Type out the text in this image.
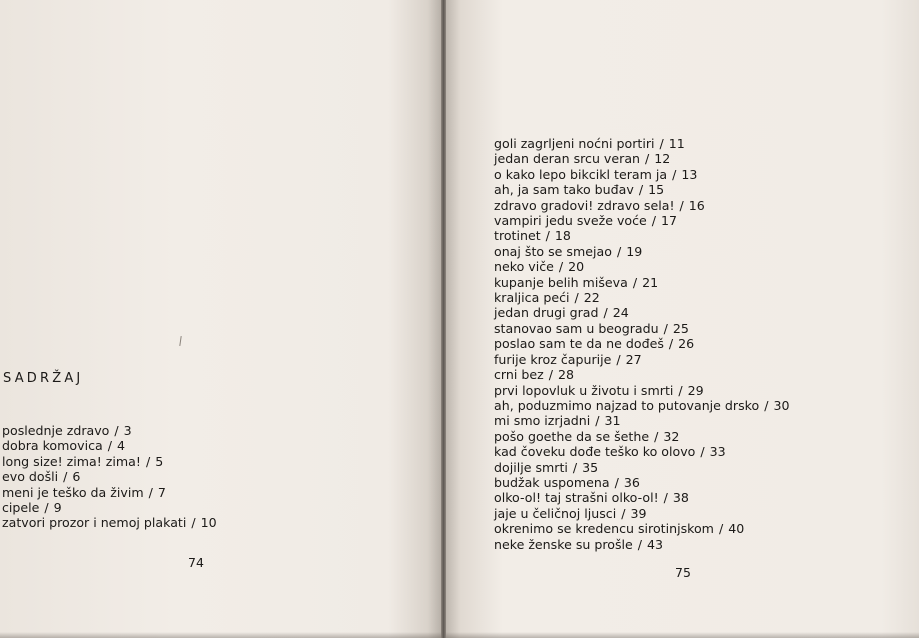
SADRŽAJ
poslednje zdravo / 3
dobra komovica / 4
long size! zima! zima! / 5
evo došli / 6
meni je teško da živim / 7
cipele / 9
zatvori prozor i nemoj plakati / 10

74

goli zagrljeni noćni portiri / 11
jedan deran srcu veran / 12
o kako lepo bikcikl teram ja / 13
ah, ja sam tako buđav / 15
zdravo gradovi! zdravo sela! / 16
vampiri jedu sveže voće / 17
trotinet / 18
onaj što se smejao / 19
neko viče / 20
kupanje belih miševa / 21
kraljica peći / 22
jedan drugi grad / 24
stanovao sam u beogradu / 25
poslao sam te da ne dođeš / 26
furije kroz čapurije / 27
crni bez / 28
prvi lopovluk u životu i smrti / 29
ah, poduzmimo najzad to putovanje drsko / 30
mi smo izrjadni / 31
pošo goethe da se šethe / 32
kad čoveku dođe teško ko olovo / 33
dojilje smrti / 35
budžak uspomena / 36
olko-ol! taj strašni olko-ol! / 38
jaje u čeličnoj ljusci / 39
okrenimo se kredencu sirotinjskom / 40
neke ženske su prošle / 43

75
